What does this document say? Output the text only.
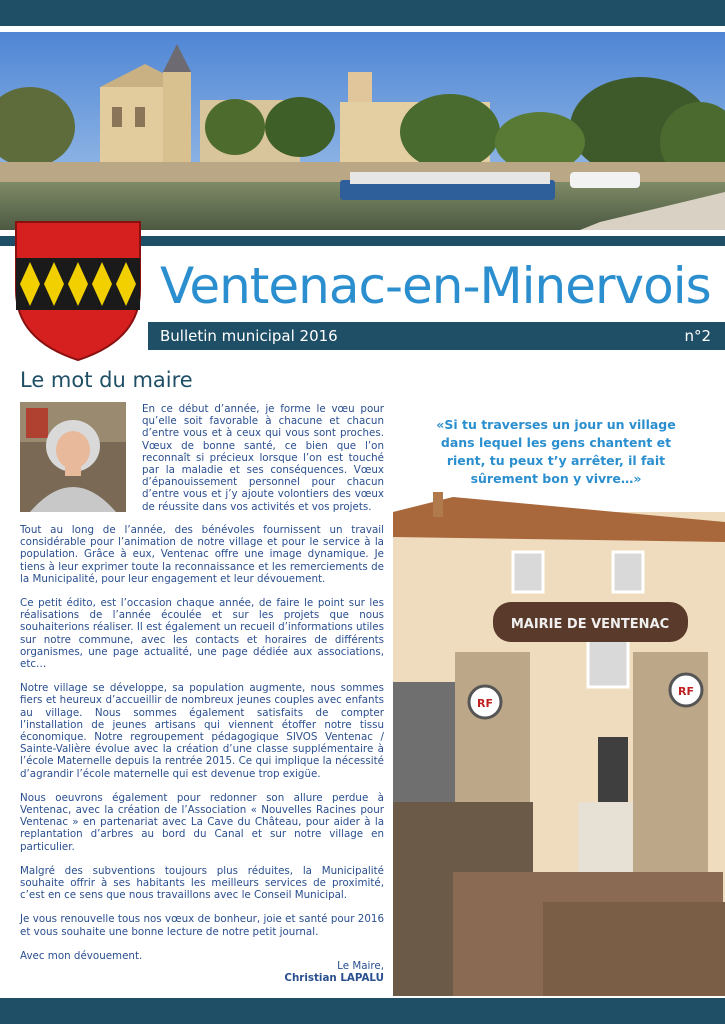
Ventenac-en-Minervois
Bulletin municipal 2016	n°2
Le mot du maire
En ce début d’année, je forme le vœu pour qu’elle soit favorable à chacune et chacun d’entre vous et à ceux qui vous sont proches. Vœux de bonne santé, ce bien que l’on reconnaît si précieux lorsque l’on est touché par la maladie et ses conséquences. Vœux d’épanouissement personnel pour chacun d’entre vous et j’y ajoute volontiers des vœux de réussite dans vos activités et vos projets.

Tout au long de l’année, des bénévoles fournissent un travail considérable pour l’animation de notre village et pour le service à la population. Grâce à eux, Ventenac offre une image dynamique. Je tiens à leur exprimer toute la reconnaissance et les remerciements de la Municipalité, pour leur engagement et leur dévouement.

Ce petit édito, est l’occasion chaque année, de faire le point sur les réalisations de l’année écoulée et sur les projets que nous souhaiterions réaliser. Il est également un recueil d’informations utiles sur notre commune, avec les contacts et horaires de différents organismes, une page actualité, une page dédiée aux associations, etc…

Notre village se développe, sa population augmente, nous sommes fiers et heureux d’accueillir de nombreux jeunes couples avec enfants au village. Nous sommes également satisfaits de compter l’installation de jeunes artisans qui viennent étoffer notre tissu économique. Notre regroupement pédagogique SIVOS Ventenac / Sainte-Valière évolue avec la création d’une classe supplémentaire à l’école Maternelle depuis la rentrée 2015. Ce qui implique la nécessité d’agrandir l’école maternelle qui est devenue trop exigüe.

Nous oeuvrons également pour redonner son allure perdue à Ventenac, avec la création de l’Association « Nouvelles Racines pour Ventenac » en partenariat avec La Cave du Château, pour aider à la replantation d’arbres au bord du Canal et sur notre village en particulier.

Malgré des subventions toujours plus réduites, la Municipalité souhaite offrir à ses habitants les meilleurs services de proximité, c’est en ce sens que nous travaillons avec le Conseil Municipal.

Je vous renouvelle tous nos vœux de bonheur, joie et santé pour 2016 et vous souhaite une bonne lecture de notre petit journal.

Avec mon dévouement.

Le Maire,
Christian LAPALU
MAIRIE DE VENTENAC
RF
RF
«Si tu traverses un jour un village dans lequel les gens chantent et rient, tu peux t’y arrêter, il fait sûrement bon y vivre…»
